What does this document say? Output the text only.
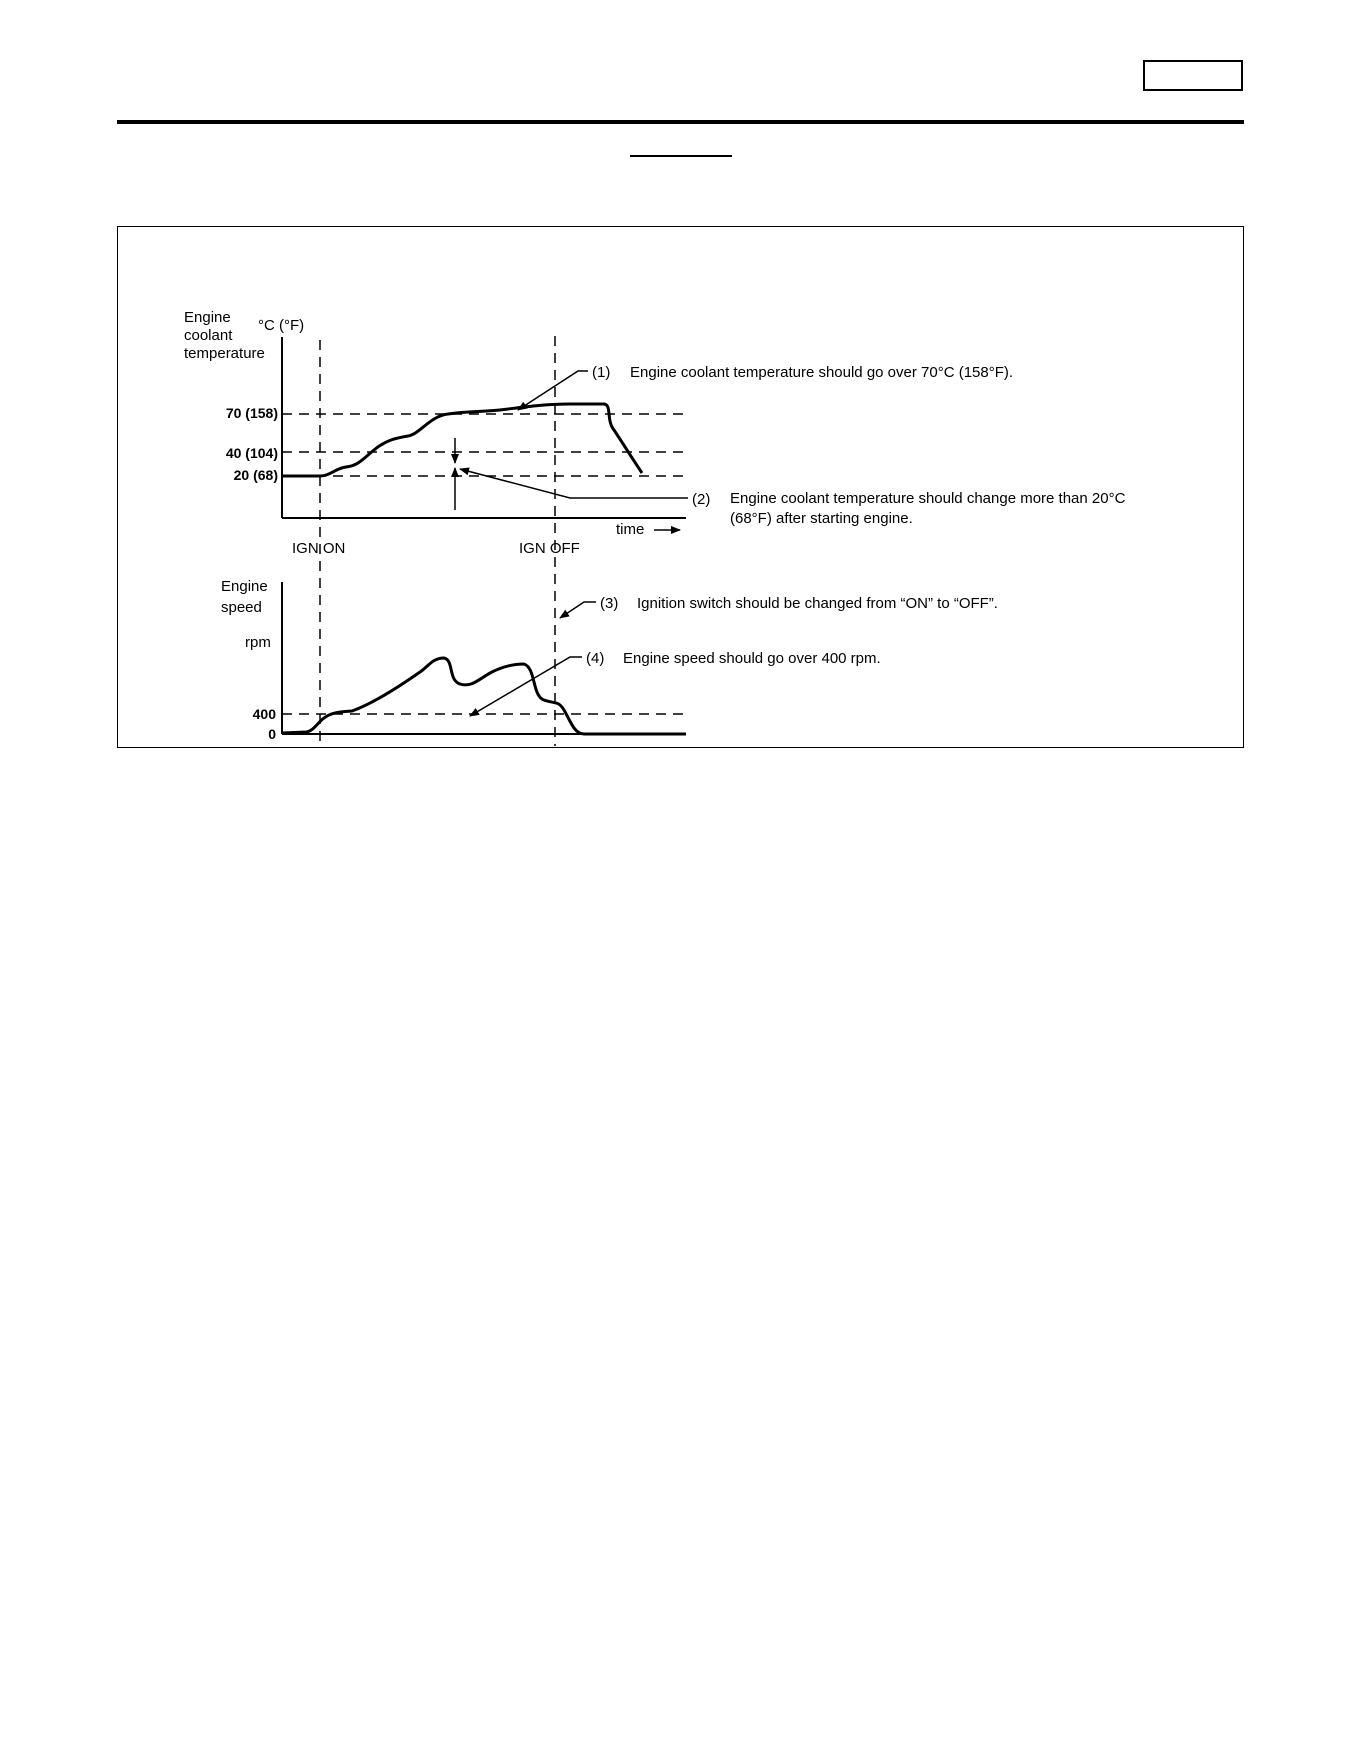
Engine
coolant
temperature
°C (°F)
70 (158)
40 (104)
20 (68)
time
(1) Engine coolant temperature should go over 70°C (158°F).
(2) Engine coolant temperature should change more than 20°C
(68°F) after starting engine.
IGN ON	IGN OFF
Engine
speed
rpm
400
0
(3) Ignition switch should be changed from “ON” to “OFF”.
(4) Engine speed should go over 400 rpm.
